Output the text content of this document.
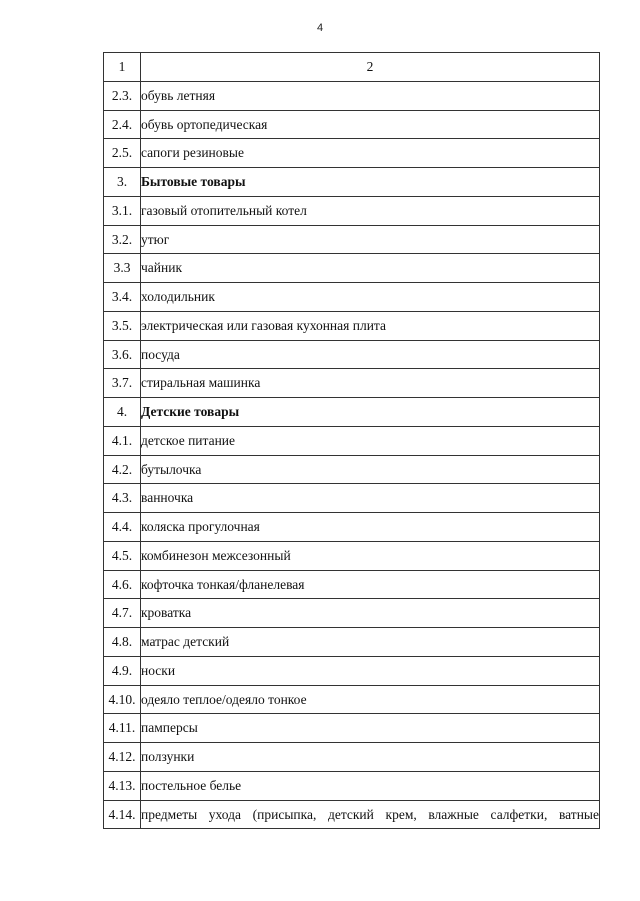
4
1	2
2.3.	обувь летняя
2.4.	обувь ортопедическая
2.5.	сапоги резиновые
3.	Бытовые товары
3.1.	газовый отопительный котел
3.2.	утюг
3.3	чайник
3.4.	холодильник
3.5.	электрическая или газовая кухонная плита
3.6.	посуда
3.7.	стиральная машинка
4.	Детские товары
4.1.	детское питание
4.2.	бутылочка
4.3.	ванночка
4.4.	коляска прогулочная
4.5.	комбинезон межсезонный
4.6.	кофточка тонкая/фланелевая
4.7.	кроватка
4.8.	матрас детский
4.9.	носки
4.10.	одеяло теплое/одеяло тонкое
4.11.	памперсы
4.12.	ползунки
4.13.	постельное белье
4.14.	предметы ухода (присыпка, детский крем, влажные салфетки, ватные
